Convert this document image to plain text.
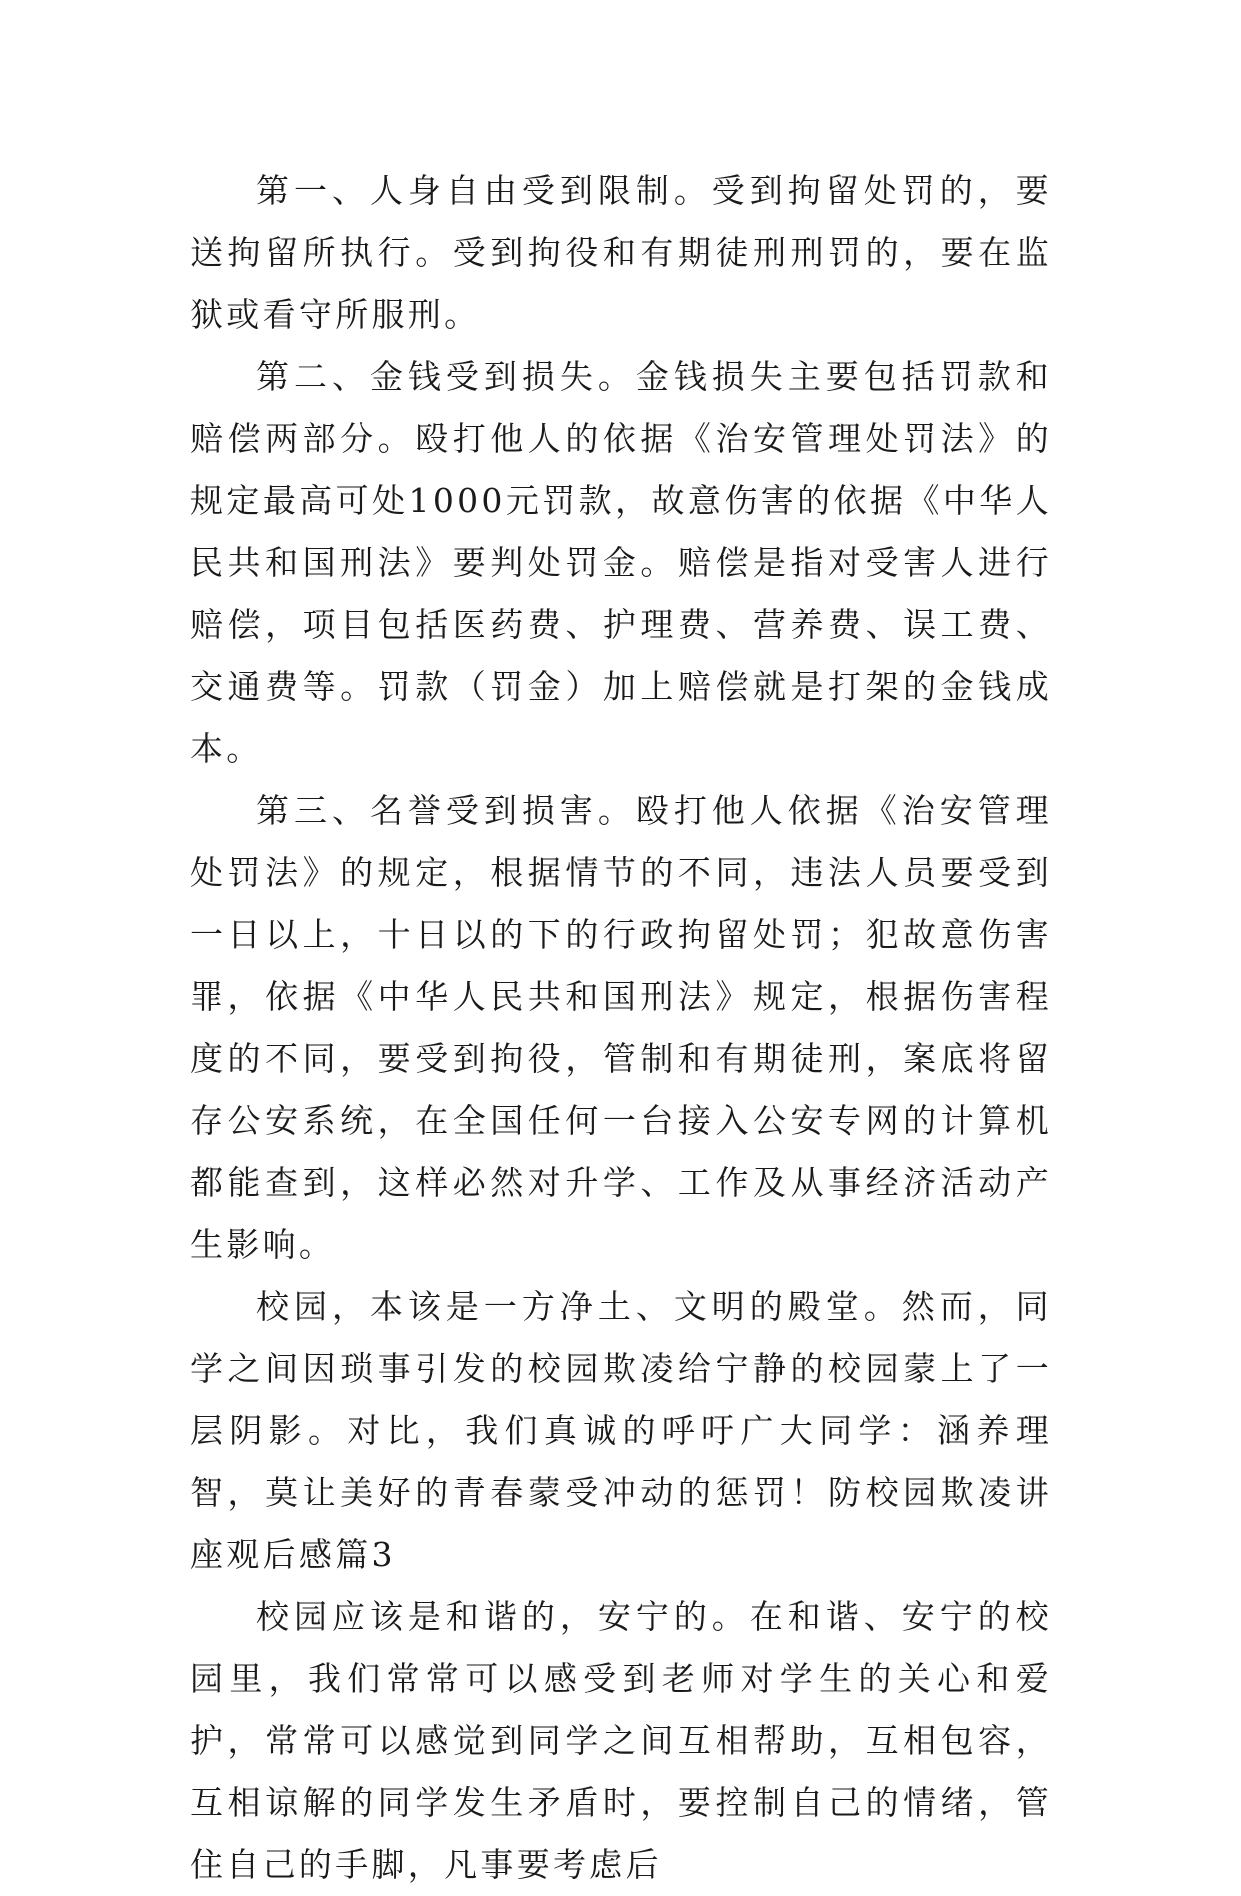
第一、人身自由受到限制。受到拘留处罚的，要送拘留所执行。受到拘役和有期徒刑刑罚的，要在监狱或看守所服刑。

第二、金钱受到损失。金钱损失主要包括罚款和赔偿两部分。殴打他人的依据《治安管理处罚法》的规定最高可处1000元罚款，故意伤害的依据《中华人民共和国刑法》要判处罚金。赔偿是指对受害人进行赔偿，项目包括医药费、护理费、营养费、误工费、交通费等。罚款（罚金）加上赔偿就是打架的金钱成本。

第三、名誉受到损害。殴打他人依据《治安管理处罚法》的规定，根据情节的不同，违法人员要受到一日以上，十日以的下的行政拘留处罚；犯故意伤害罪，依据《中华人民共和国刑法》规定，根据伤害程度的不同，要受到拘役，管制和有期徒刑，案底将留存公安系统，在全国任何一台接入公安专网的计算机都能查到，这样必然对升学、工作及从事经济活动产生影响。

校园，本该是一方净土、文明的殿堂。然而，同学之间因琐事引发的校园欺凌给宁静的校园蒙上了一层阴影。对比，我们真诚的呼吁广大同学：涵养理智，莫让美好的青春蒙受冲动的惩罚！防校园欺凌讲座观后感篇3

校园应该是和谐的，安宁的。在和谐、安宁的校园里，我们常常可以感受到老师对学生的关心和爱护，常常可以感觉到同学之间互相帮助，互相包容，互相谅解的同学发生矛盾时，要控制自己的情绪，管住自己的手脚，凡事要考虑后
